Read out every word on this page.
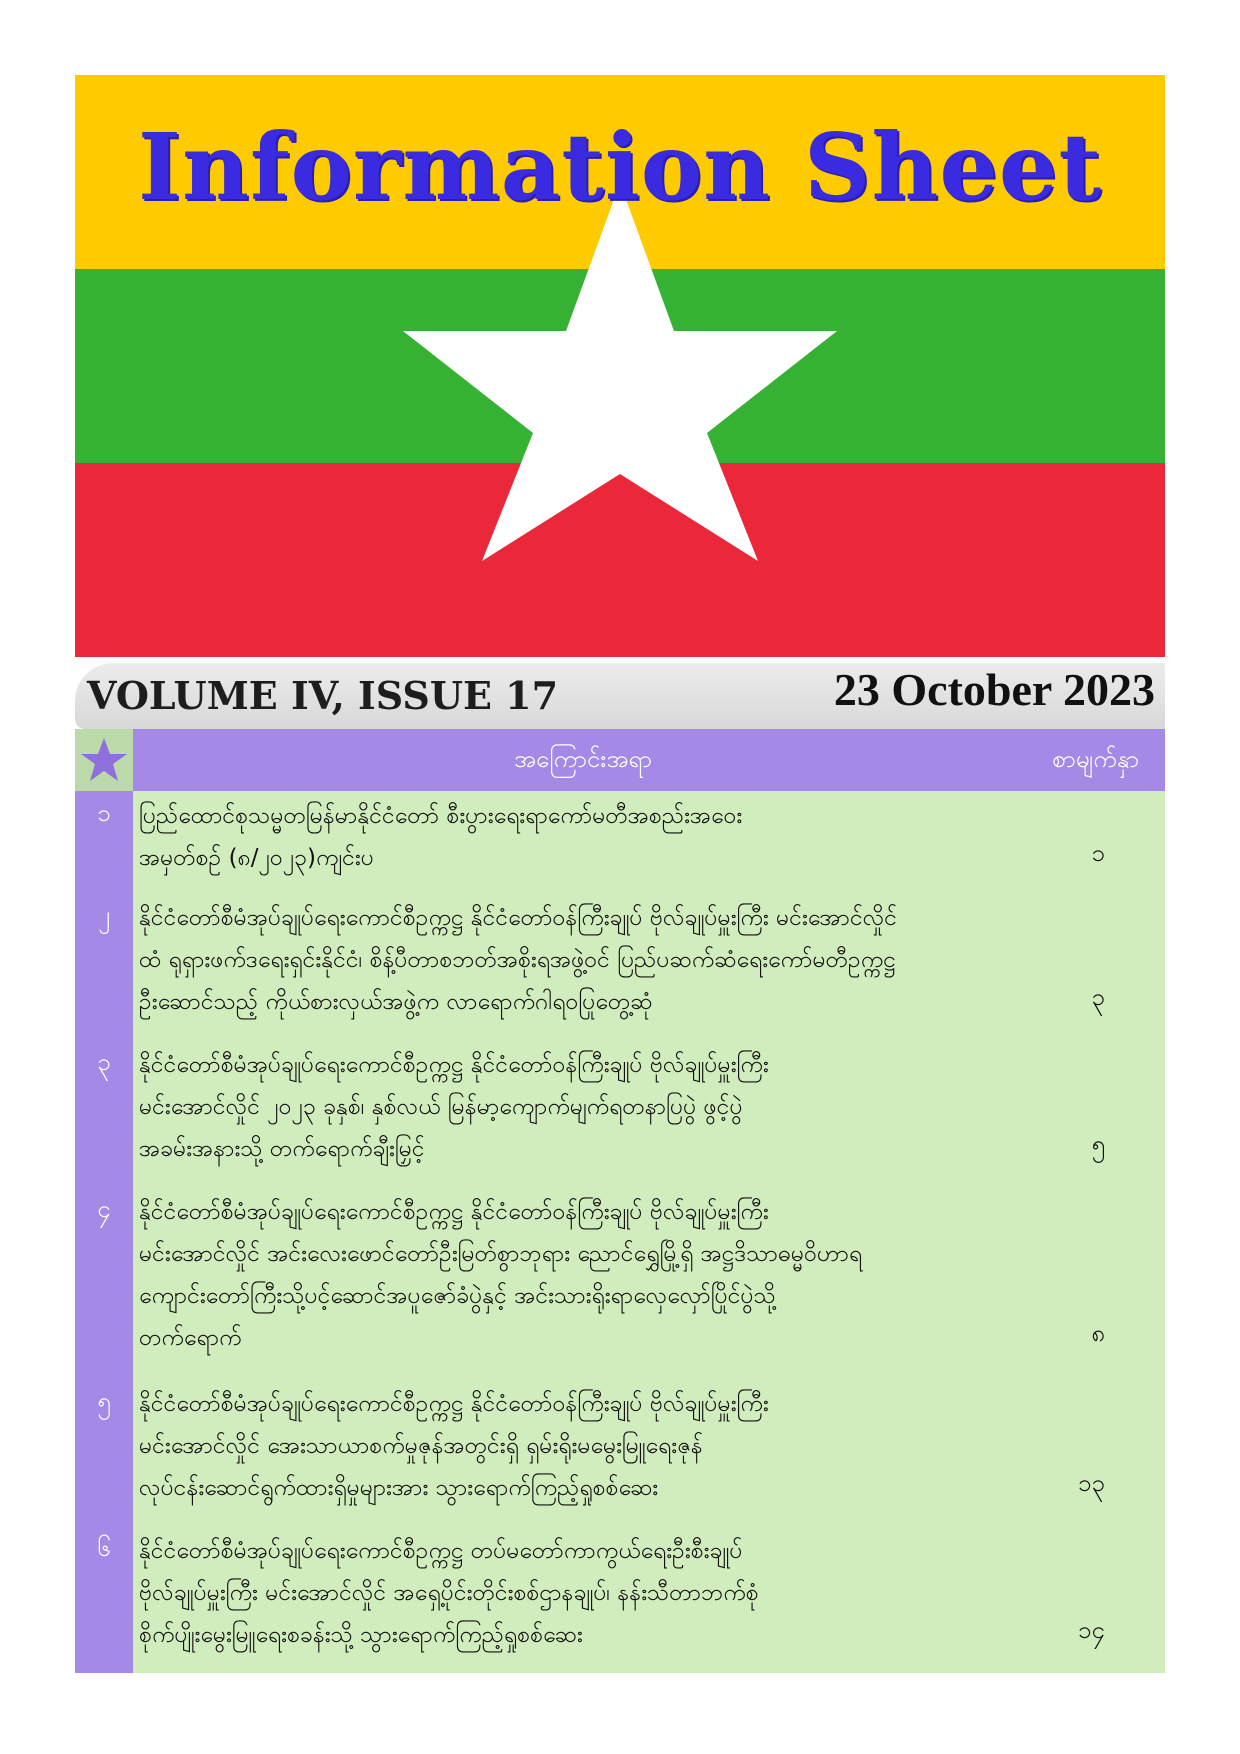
Information Sheet
VOLUME IV, ISSUE 17	23 October 2023
အကြောင်းအရာ	စာမျက်နှာ
၁	ပြည်ထောင်စုသမ္မတမြန်မာနိုင်ငံတော် စီးပွားရေးရာကော်မတီအစည်းအဝေး
အမှတ်စဉ် (၈/၂၀၂၃)ကျင်းပ	၁
၂	နိုင်ငံတော်စီမံအုပ်ချုပ်ရေးကောင်စီဥက္ကဋ္ဌ နိုင်ငံတော်ဝန်ကြီးချုပ် ဗိုလ်ချုပ်မှူးကြီး မင်းအောင်လှိုင်
ထံ ရုရှားဖက်ဒရေးရှင်းနိုင်ငံ၊ စိန့်ပီတာစဘတ်အစိုးရအဖွဲ့ဝင် ပြည်ပဆက်ဆံရေးကော်မတီဥက္ကဋ္ဌ
ဦးဆောင်သည့် ကိုယ်စားလှယ်အဖွဲ့က လာရောက်ဂါရဝပြုတွေ့ဆုံ	၃
၃	နိုင်ငံတော်စီမံအုပ်ချုပ်ရေးကောင်စီဥက္ကဋ္ဌ နိုင်ငံတော်ဝန်ကြီးချုပ် ဗိုလ်ချုပ်မှူးကြီး
မင်းအောင်လှိုင် ၂၀၂၃ ခုနှစ်၊ နှစ်လယ် မြန်မာ့ကျောက်မျက်ရတနာပြပွဲ ဖွင့်ပွဲ
အခမ်းအနားသို့ တက်ရောက်ချီးမြှင့်	၅
၄	နိုင်ငံတော်စီမံအုပ်ချုပ်ရေးကောင်စီဥက္ကဋ္ဌ နိုင်ငံတော်ဝန်ကြီးချုပ် ဗိုလ်ချုပ်မှူးကြီး
မင်းအောင်လှိုင် အင်းလေးဖောင်တော်ဦးမြတ်စွာဘုရား ညောင်ရွှေမြို့ရှိ အဋ္ဌဒိသာဓမ္မဝိဟာရ
ကျောင်းတော်ကြီးသို့ပင့်ဆောင်အပူဇော်ခံပွဲနှင့် အင်းသားရိုးရာလှေလှော်ပြိုင်ပွဲသို့
တက်ရောက်	၈
၅	နိုင်ငံတော်စီမံအုပ်ချုပ်ရေးကောင်စီဥက္ကဋ္ဌ နိုင်ငံတော်ဝန်ကြီးချုပ် ဗိုလ်ချုပ်မှူးကြီး
မင်းအောင်လှိုင် အေးသာယာစက်မှုဇုန်အတွင်းရှိ ရှမ်းရိုးမမွေးမြူရေးဇုန်
လုပ်ငန်းဆောင်ရွက်ထားရှိမှုများအား သွားရောက်ကြည့်ရှုစစ်ဆေး	၁၃
၆	နိုင်ငံတော်စီမံအုပ်ချုပ်ရေးကောင်စီဥက္ကဋ္ဌ တပ်မတော်ကာကွယ်ရေးဦးစီးချုပ်
ဗိုလ်ချုပ်မှူးကြီး မင်းအောင်လှိုင် အရှေ့ပိုင်းတိုင်းစစ်ဌာနချုပ်၊ နန်းသီတာဘက်စုံ
စိုက်ပျိုးမွေးမြူရေးစခန်းသို့ သွားရောက်ကြည့်ရှုစစ်ဆေး	၁၄
